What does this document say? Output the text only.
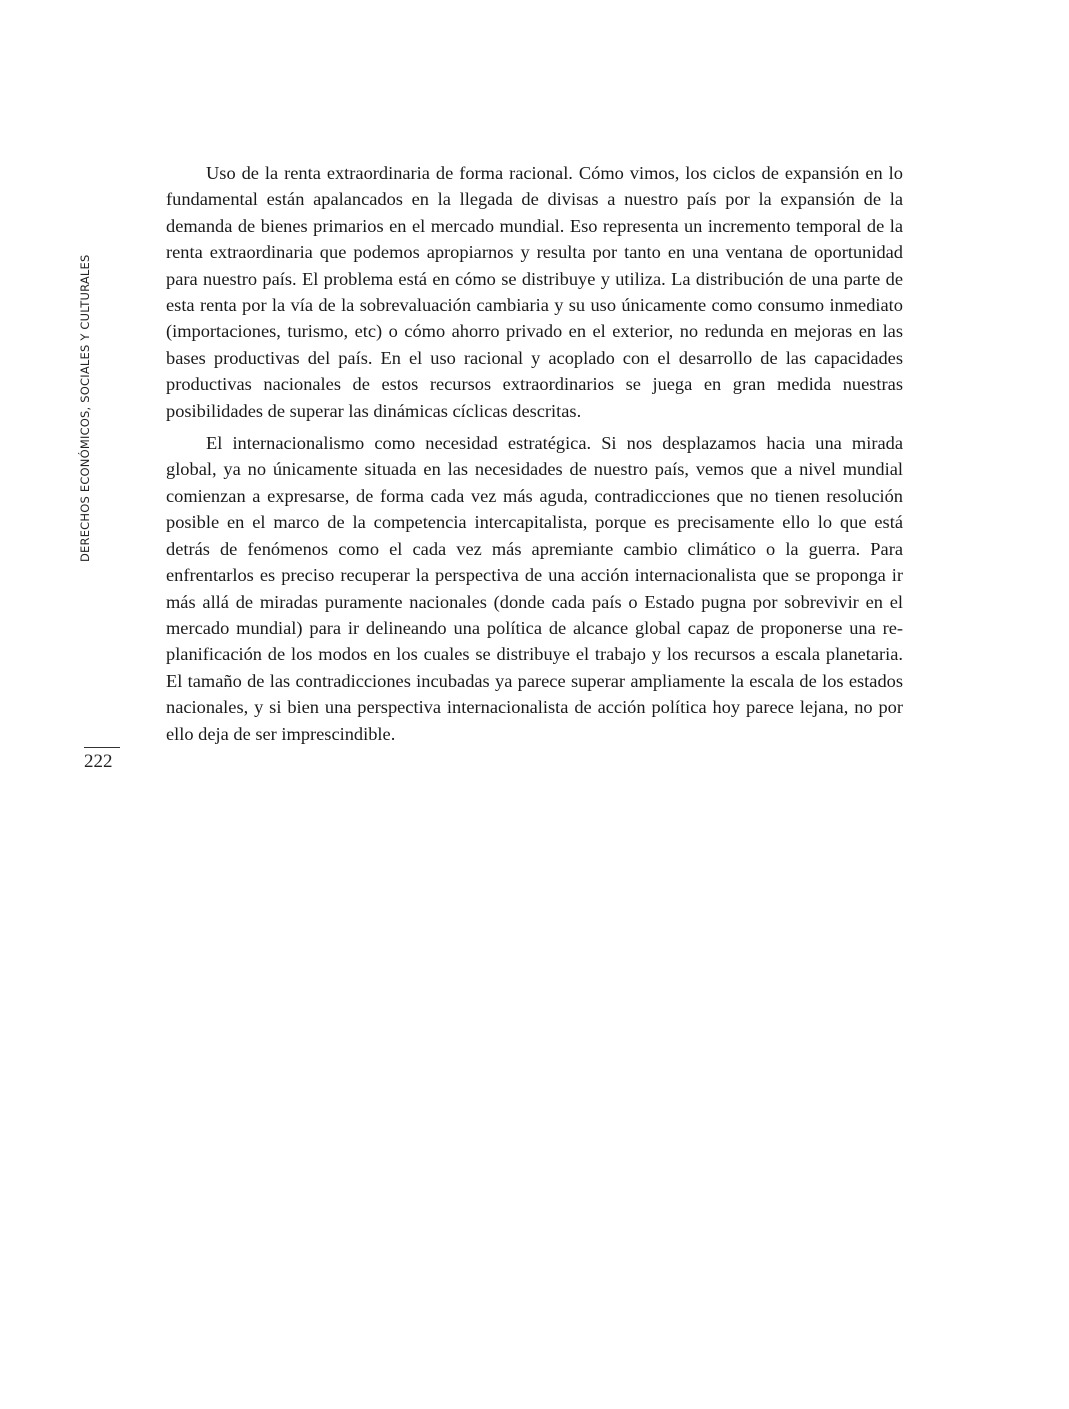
DERECHOS ECONÓMICOS, SOCIALES Y CULTURALES
222

Uso de la renta extraordinaria de forma racional. Cómo vimos, los ciclos de expansión en lo fundamental están apalancados en la llegada de divisas a nuestro país por la expansión de la demanda de bienes primarios en el mercado mundial. Eso representa un incremento temporal de la renta extraordinaria que podemos apropiarnos y resulta por tanto en una ventana de oportunidad para nuestro país. El problema está en cómo se distribuye y utiliza. La distribución de una parte de esta renta por la vía de la sobrevaluación cambiaria y su uso únicamente como consumo inmediato (importaciones, turismo, etc) o cómo ahorro privado en el exterior, no redunda en mejoras en las bases productivas del país. En el uso racional y acoplado con el desarrollo de las capacidades productivas nacionales de estos recursos extraordinarios se juega en gran medida nuestras posibilidades de superar las dinámicas cíclicas descritas.

El internacionalismo como necesidad estratégica. Si nos desplazamos hacia una mirada global, ya no únicamente situada en las necesidades de nuestro país, vemos que a nivel mundial comienzan a expresarse, de forma cada vez más aguda, contradicciones que no tienen resolución posible en el marco de la competencia intercapitalista, porque es precisamente ello lo que está detrás de fenómenos como el cada vez más apremiante cambio climático o la guerra. Para enfrentarlos es preciso recuperar la perspectiva de una acción internacionalista que se proponga ir más allá de miradas puramente nacionales (donde cada país o Estado pugna por sobrevivir en el mercado mundial) para ir delineando una política de alcance global capaz de proponerse una re-planificación de los modos en los cuales se distribuye el trabajo y los recursos a escala planetaria. El tamaño de las contradicciones incubadas ya parece superar ampliamente la escala de los estados nacionales, y si bien una perspectiva internacionalista de acción política hoy parece lejana, no por ello deja de ser imprescindible.
